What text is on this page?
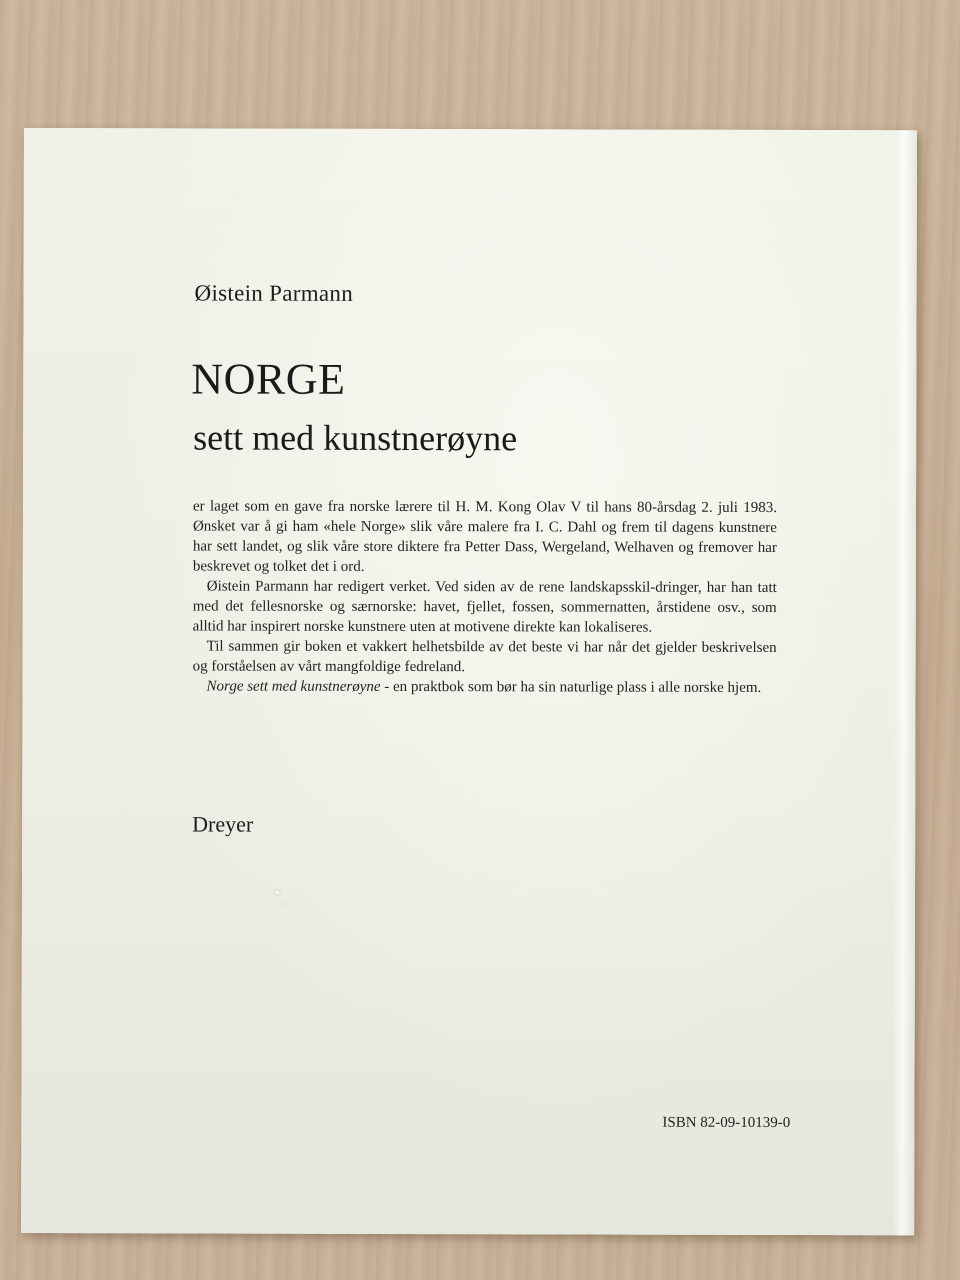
Øistein Parmann
NORGE
sett med kunstnerøyne

er laget som en gave fra norske lærere til H. M. Kong Olav V til hans 80-årsdag 2. juli 1983. Ønsket var å gi ham «hele Norge» slik våre malere fra I. C. Dahl og frem til dagens kunstnere har sett landet, og slik våre store diktere fra Petter Dass, Wergeland, Welhaven og fremover har beskrevet og tolket det i ord.

Øistein Parmann har redigert verket. Ved siden av de rene landskapsskil-dringer, har han tatt med det fellesnorske og særnorske: havet, fjellet, fossen, sommernatten, årstidene osv., som alltid har inspirert norske kunstnere uten at motivene direkte kan lokaliseres.

Til sammen gir boken et vakkert helhetsbilde av det beste vi har når det gjelder beskrivelsen og forståelsen av vårt mangfoldige fedreland.

Norge sett med kunstnerøyne - en praktbok som bør ha sin naturlige plass i alle norske hjem.

Dreyer
ISBN 82-09-10139-0
